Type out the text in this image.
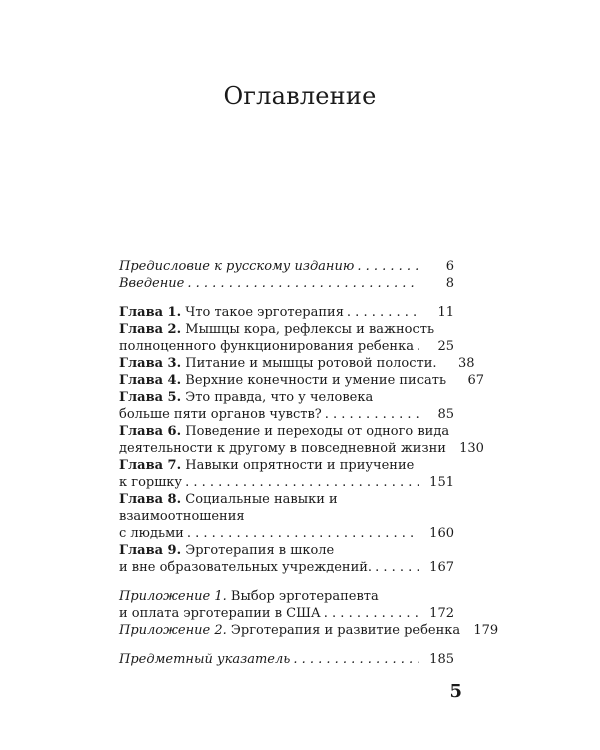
Оглавление
Предисловие к русскому изданию . . .	6
Введение . . .	8
Глава 1. Что такое эрготерапия . . .	11
Глава 2. Мышцы кора, рефлексы и важность
полноценного функционирования ребенка . . .	25
Глава 3. Питание и мышцы ротовой полости.	38
Глава 4. Верхние конечности и умение писать	67
Глава 5. Это правда, что у человека
больше пяти органов чувств? . . .	85
Глава 6. Поведение и переходы от одного вида
деятельности к другому в повседневной жизни	130
Глава 7. Навыки опрятности и приучение
к горшку . . .	151
Глава 8. Социальные навыки и взаимоотношения
с людьми . . .	160
Глава 9. Эрготерапия в школе
и вне образовательных учреждений. . . .	167
Приложение 1. Выбор эрготерапевта
и оплата эрготерапии в США . . .	172
Приложение 2. Эрготерапия и развитие ребенка	179
Предметный указатель . . .	185
5
